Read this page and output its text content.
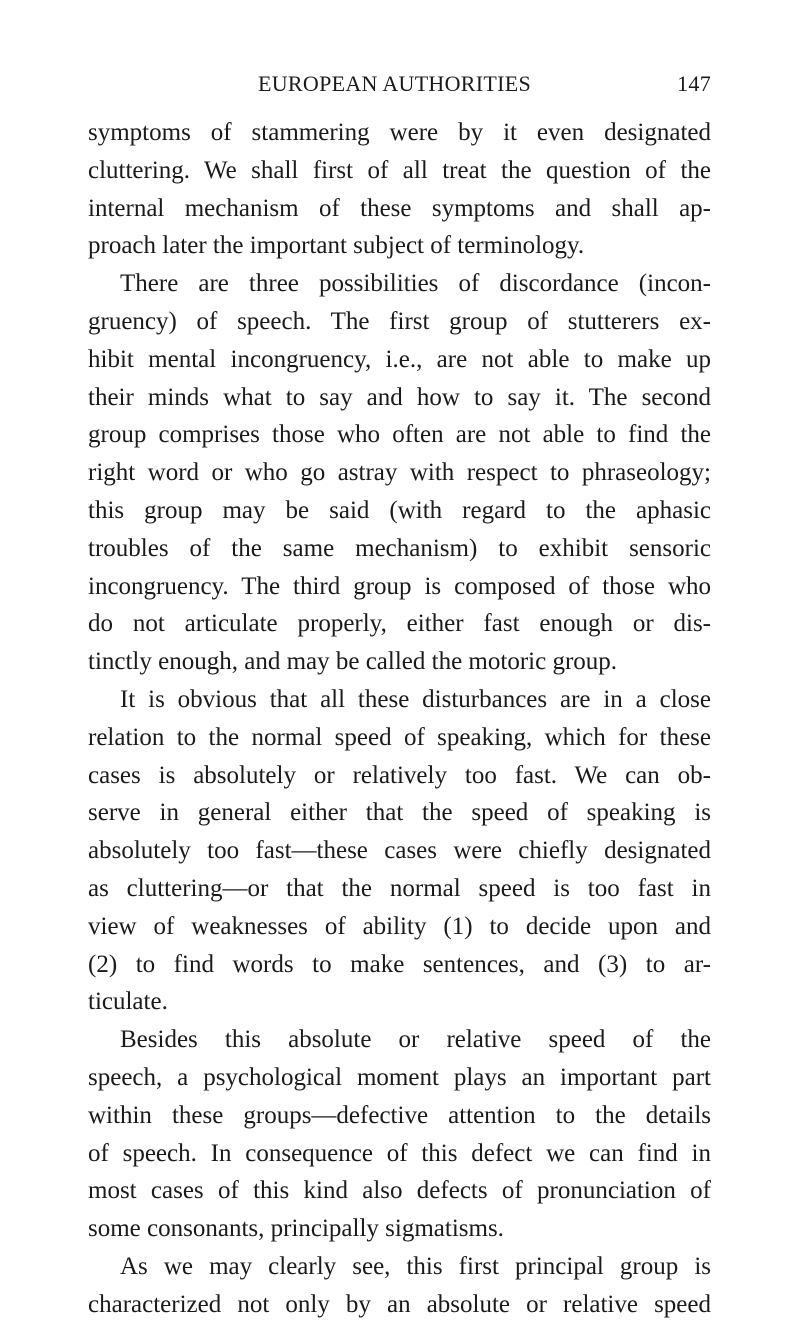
EUROPEAN AUTHORITIES	147

symptoms of stammering were by it even designated

cluttering. We shall first of all treat the question of the

internal mechanism of these symptoms and shall ap-

proach later the important subject of terminology.

There are three possibilities of discordance (incon-

gruency) of speech. The first group of stutterers ex-

hibit mental incongruency, i.e., are not able to make up

their minds what to say and how to say it. The second

group comprises those who often are not able to find the

right word or who go astray with respect to phraseology;

this group may be said (with regard to the aphasic

troubles of the same mechanism) to exhibit sensoric

incongruency. The third group is composed of those who

do not articulate properly, either fast enough or dis-

tinctly enough, and may be called the motoric group.

It is obvious that all these disturbances are in a close

relation to the normal speed of speaking, which for these

cases is absolutely or relatively too fast. We can ob-

serve in general either that the speed of speaking is

absolutely too fast—these cases were chiefly designated

as cluttering—or that the normal speed is too fast in

view of weaknesses of ability (1) to decide upon and

(2) to find words to make sentences, and (3) to ar-

ticulate.

Besides this absolute or relative speed of the

speech, a psychological moment plays an important part

within these groups—defective attention to the details

of speech. In consequence of this defect we can find in

most cases of this kind also defects of pronunciation of

some consonants, principally sigmatisms.

As we may clearly see, this first principal group is

characterized not only by an absolute or relative speed
